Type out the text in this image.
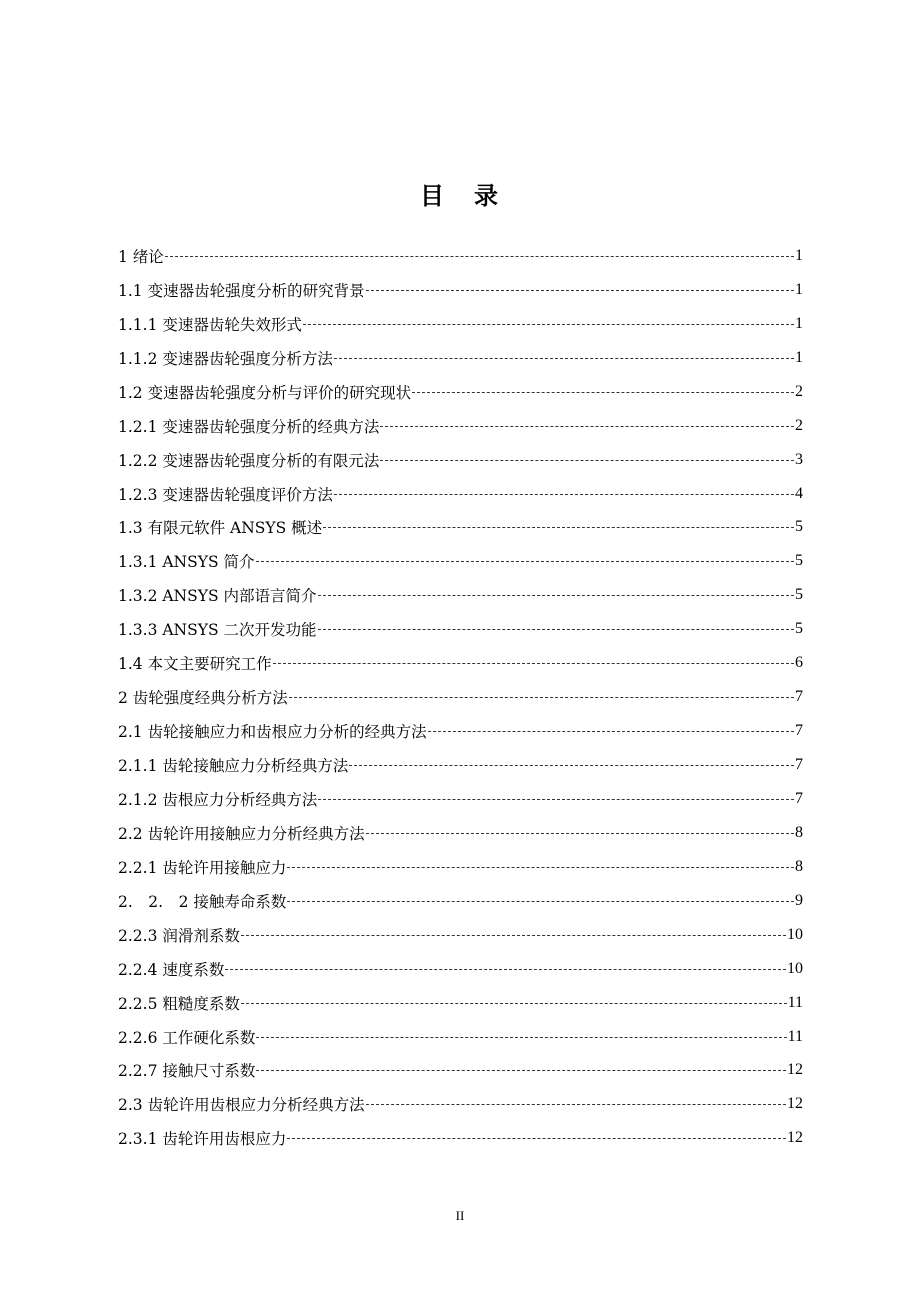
目 录
1 绪论	1
1.1 变速器齿轮强度分析的研究背景	1
1.1.1 变速器齿轮失效形式	1
1.1.2 变速器齿轮强度分析方法	1
1.2 变速器齿轮强度分析与评价的研究现状	2
1.2.1 变速器齿轮强度分析的经典方法	2
1.2.2 变速器齿轮强度分析的有限元法	3
1.2.3 变速器齿轮强度评价方法	4
1.3 有限元软件 ANSYS 概述	5
1.3.1 ANSYS 简介	5
1.3.2 ANSYS 内部语言简介	5
1.3.3 ANSYS 二次开发功能	5
1.4 本文主要研究工作	6
2 齿轮强度经典分析方法	7
2.1 齿轮接触应力和齿根应力分析的经典方法	7
2.1.1 齿轮接触应力分析经典方法	7
2.1.2 齿根应力分析经典方法	7
2.2 齿轮许用接触应力分析经典方法	8
2.2.1 齿轮许用接触应力	8
2.　2.　2 接触寿命系数	9
2.2.3 润滑剂系数	10
2.2.4 速度系数	10
2.2.5 粗糙度系数	11
2.2.6 工作硬化系数	11
2.2.7 接触尺寸系数	12
2.3 齿轮许用齿根应力分析经典方法	12
2.3.1 齿轮许用齿根应力	12
II
